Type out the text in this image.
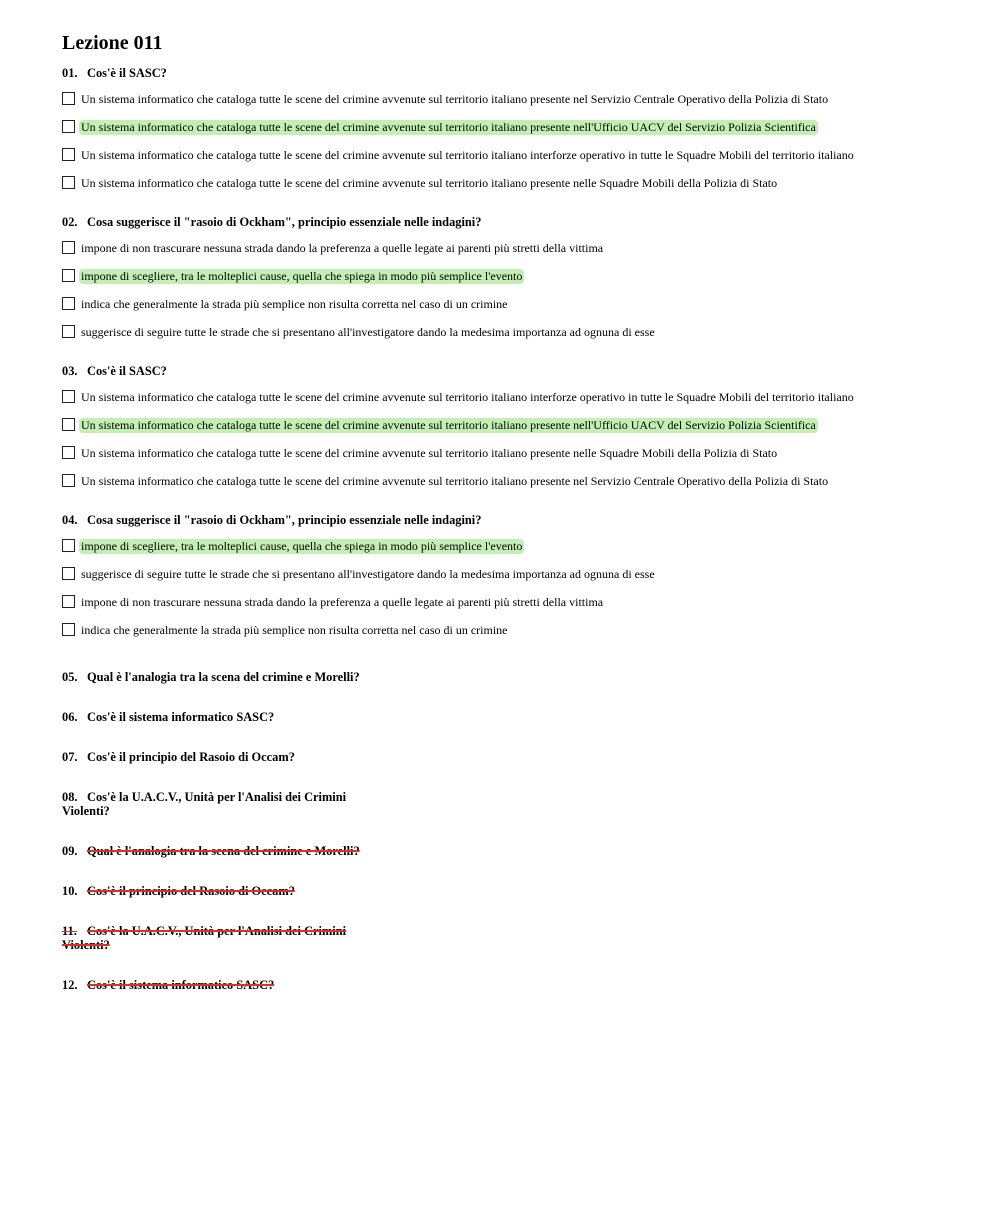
Lezione 011
01. Cos'è il SASC?
Un sistema informatico che cataloga tutte le scene del crimine avvenute sul territorio italiano presente nel Servizio Centrale Operativo della Polizia di Stato
Un sistema informatico che cataloga tutte le scene del crimine avvenute sul territorio italiano presente nell'Ufficio UACV del Servizio Polizia Scientifica
Un sistema informatico che cataloga tutte le scene del crimine avvenute sul territorio italiano interforze operativo in tutte le Squadre Mobili del territorio italiano
Un sistema informatico che cataloga tutte le scene del crimine avvenute sul territorio italiano presente nelle Squadre Mobili della Polizia di Stato
02. Cosa suggerisce il "rasoio di Ockham", principio essenziale nelle indagini?
impone di non trascurare nessuna strada dando la preferenza a quelle legate ai parenti più stretti della vittima
impone di scegliere, tra le molteplici cause, quella che spiega in modo più semplice l'evento
indica che generalmente la strada più semplice non risulta corretta nel caso di un crimine
suggerisce di seguire tutte le strade che si presentano all'investigatore dando la medesima importanza ad ognuna di esse
03. Cos'è il SASC?
Un sistema informatico che cataloga tutte le scene del crimine avvenute sul territorio italiano interforze operativo in tutte le Squadre Mobili del territorio italiano
Un sistema informatico che cataloga tutte le scene del crimine avvenute sul territorio italiano presente nell'Ufficio UACV del Servizio Polizia Scientifica
Un sistema informatico che cataloga tutte le scene del crimine avvenute sul territorio italiano presente nelle Squadre Mobili della Polizia di Stato
Un sistema informatico che cataloga tutte le scene del crimine avvenute sul territorio italiano presente nel Servizio Centrale Operativo della Polizia di Stato
04. Cosa suggerisce il "rasoio di Ockham", principio essenziale nelle indagini?
impone di scegliere, tra le molteplici cause, quella che spiega in modo più semplice l'evento
suggerisce di seguire tutte le strade che si presentano all'investigatore dando la medesima importanza ad ognuna di esse
impone di non trascurare nessuna strada dando la preferenza a quelle legate ai parenti più stretti della vittima
indica che generalmente la strada più semplice non risulta corretta nel caso di un crimine
05. Qual è l'analogia tra la scena del crimine e Morelli?
06. Cos'è il sistema informatico SASC?
07. Cos'è il principio del Rasoio di Occam?
08. Cos'è la U.A.C.V., Unità per l'Analisi dei Crimini Violenti?
09. Qual è l'analogia tra la scena del crimine e Morelli?
10. Cos'è il principio del Rasoio di Occam?
11. Cos'è la U.A.C.V., Unità per l'Analisi dei Crimini Violenti?
12. Cos'è il sistema informatico SASC?
